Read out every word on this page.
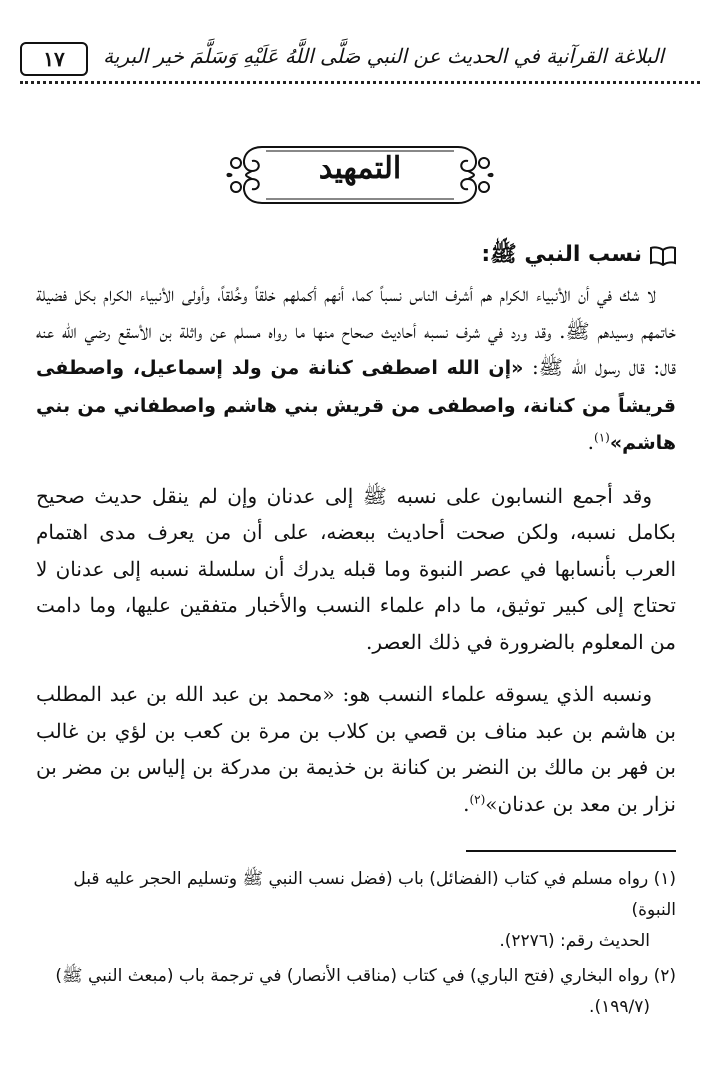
البلاغة القرآنية في الحديث عن النبي صَلَّى اللَّهُ عَلَيْهِ وَسَلَّمَ خير البرية
١٧
التمهيد
نسب النبي ﷺ:

لا شك في أن الأنبياء الكرام هم أشرف الناس نسباً كما، أنهم أكملهم خلقاً وخُلقاً، وأولى الأنبياء الكرام بكل فضيلة خاتمهم وسيدهم ﷺ. وقد ورد في شرف نسبه أحاديث صحاح منها ما رواه مسلم عن واثلة بن الأسقع رضي الله عنه قال: قال رسول الله ﷺ: «إن الله اصطفى كنانة من ولد إسماعيل، واصطفى قريشاً من كنانة، واصطفى من قريش بني هاشم واصطفاني من بني هاشم»$^{(١)}$.

وقد أجمع النسابون على نسبه ﷺ إلى عدنان وإن لم ينقل حديث صحيح بكامل نسبه، ولكن صحت أحاديث ببعضه، على أن من يعرف مدى اهتمام العرب بأنسابها في عصر النبوة وما قبله يدرك أن سلسلة نسبه إلى عدنان لا تحتاج إلى كبير توثيق، ما دام علماء النسب والأخبار متفقين عليها، وما دامت من المعلوم بالضرورة في ذلك العصر.

ونسبه الذي يسوقه علماء النسب هو: «محمد بن عبد الله بن عبد المطلب بن هاشم بن عبد مناف بن قصي بن كلاب بن مرة بن كعب بن لؤي بن غالب بن فهر بن مالك بن النضر بن كنانة بن خذيمة بن مدركة بن إلياس بن مضر بن نزار بن معد بن عدنان»$^{(٢)}$.

(١) رواه مسلم في كتاب (الفضائل) باب (فضل نسب النبي ﷺ وتسليم الحجر عليه قبل النبوة)
الحديث رقم: (٢٢٧٦).
(٢) رواه البخاري (فتح الباري) في كتاب (مناقب الأنصار) في ترجمة باب (مبعث النبي ﷺ)
(١٩٩/٧).
